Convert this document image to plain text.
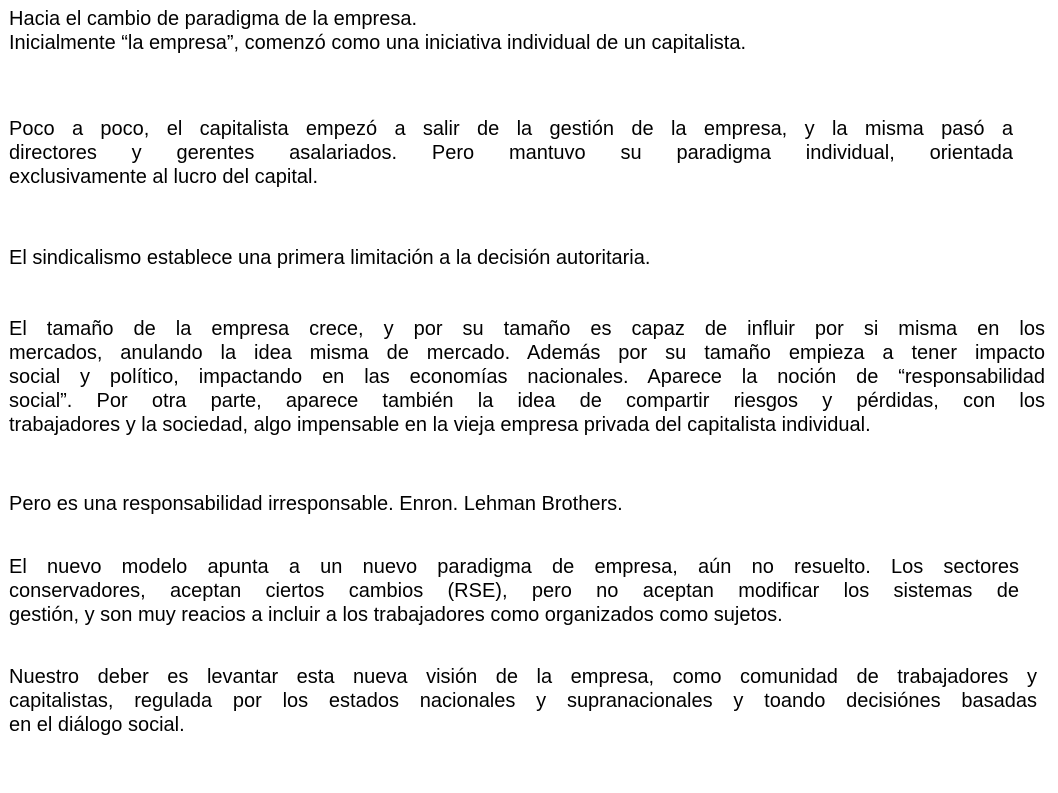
Hacia el cambio de paradigma de la empresa.
Inicialmente “la empresa”, comenzó como una iniciativa individual de un capitalista.
Poco a poco, el capitalista empezó a salir de la gestión de la empresa, y la misma pasó a
directores y gerentes asalariados. Pero mantuvo su paradigma individual, orientada
exclusivamente al lucro del capital.
El sindicalismo establece una primera limitación a la decisión autoritaria.
El tamaño de la empresa crece, y por su tamaño es capaz de influir por si misma en los
mercados, anulando la idea misma de mercado. Además por su tamaño empieza a tener impacto
social y político, impactando en las economías nacionales. Aparece la noción de “responsabilidad
social”. Por otra parte, aparece también la idea de compartir riesgos y pérdidas, con los
trabajadores y la sociedad, algo impensable en la vieja empresa privada del capitalista individual.
Pero es una responsabilidad irresponsable. Enron. Lehman Brothers.
El nuevo modelo apunta a un nuevo paradigma de empresa, aún no resuelto. Los sectores
conservadores, aceptan ciertos cambios (RSE), pero no aceptan modificar los sistemas de
gestión, y son muy reacios a incluir a los trabajadores como organizados como sujetos.
Nuestro deber es levantar esta nueva visión de la empresa, como comunidad de trabajadores y
capitalistas, regulada por los estados nacionales y supranacionales y toando decisiónes basadas
en el diálogo social.
